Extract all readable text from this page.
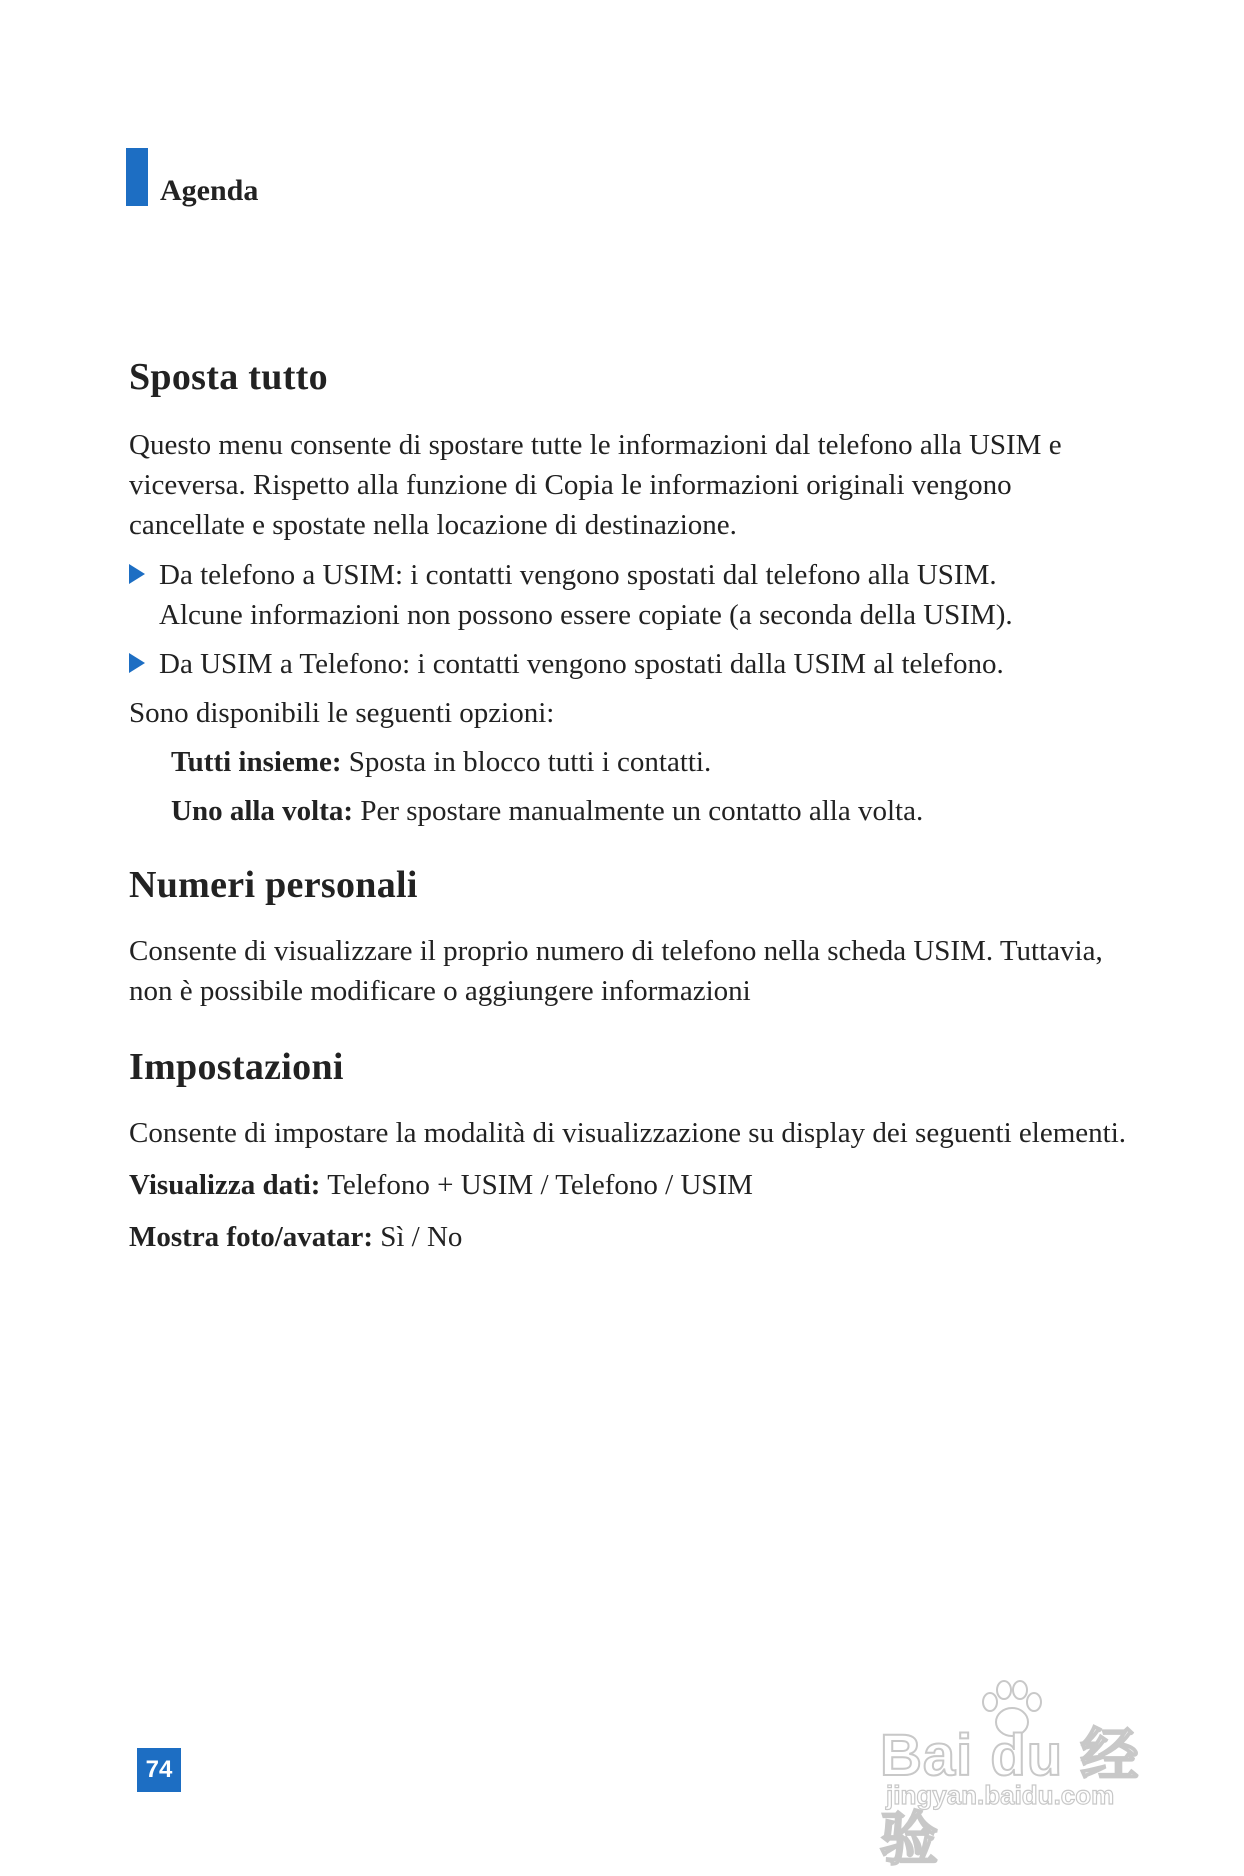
Agenda
Sposta tutto

Questo menu consente di spostare tutte le informazioni dal telefono alla USIM e viceversa. Rispetto alla funzione di Copia le informazioni originali vengono cancellate e spostate nella locazione di destinazione.

Da telefono a USIM: i contatti vengono spostati dal telefono alla USIM.
Alcune informazioni non possono essere copiate (a seconda della USIM).
Da USIM a Telefono: i contatti vengono spostati dalla USIM al telefono.

Sono disponibili le seguenti opzioni:

Tutti insieme: Sposta in blocco tutti i contatti.
Uno alla volta: Per spostare manualmente un contatto alla volta.
Numeri personali

Consente di visualizzare il proprio numero di telefono nella scheda USIM. Tuttavia, non è possibile modificare o aggiungere informazioni

Impostazioni

Consente di impostare la modalità di visualizzazione su display dei seguenti elementi.

Visualizza dati: Telefono + USIM / Telefono / USIM
Mostra foto/avatar: Sì / No
74	Bai du 经验
jingyan.baidu.com
